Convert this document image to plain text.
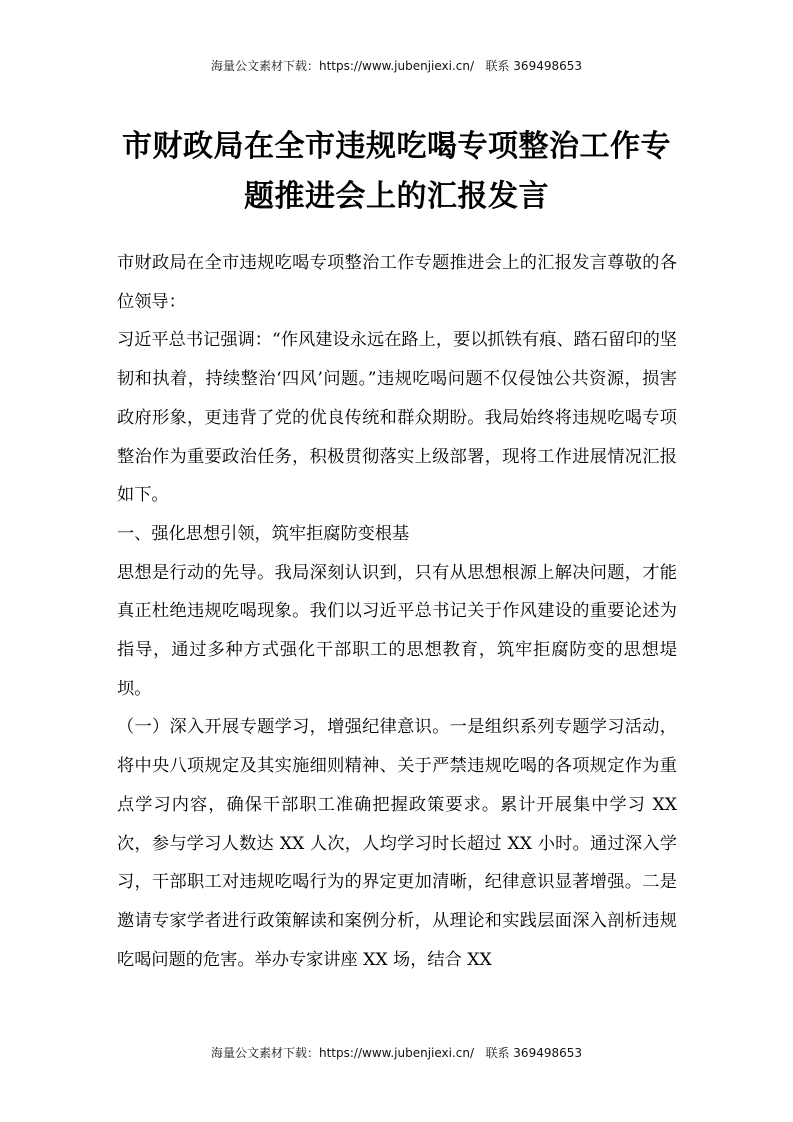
海量公文素材下载：https://www.jubenjiexi.cn/   联系 369498653
市财政局在全市违规吃喝专项整治工作专
题推进会上的汇报发言

市财政局在全市违规吃喝专项整治工作专题推进会上的汇报发言尊敬的各位领导：

习近平总书记强调：“作风建设永远在路上，要以抓铁有痕、踏石留印的坚韧和执着，持续整治‘四风’问题。”违规吃喝问题不仅侵蚀公共资源，损害政府形象，更违背了党的优良传统和群众期盼。我局始终将违规吃喝专项整治作为重要政治任务，积极贯彻落实上级部署，现将工作进展情况汇报如下。

一、强化思想引领，筑牢拒腐防变根基

思想是行动的先导。我局深刻认识到，只有从思想根源上解决问题，才能真正杜绝违规吃喝现象。我们以习近平总书记关于作风建设的重要论述为指导，通过多种方式强化干部职工的思想教育，筑牢拒腐防变的思想堤坝。

（一）深入开展专题学习，增强纪律意识。一是组织系列专题学习活动，将中央八项规定及其实施细则精神、关于严禁违规吃喝的各项规定作为重点学习内容，确保干部职工准确把握政策要求。累计开展集中学习 XX 次，参与学习人数达 XX 人次，人均学习时长超过 XX 小时。通过深入学习，干部职工对违规吃喝行为的界定更加清晰，纪律意识显著增强。二是邀请专家学者进行政策解读和案例分析，从理论和实践层面深入剖析违规吃喝问题的危害。举办专家讲座 XX 场，结合 XX

海量公文素材下载：https://www.jubenjiexi.cn/   联系 369498653
